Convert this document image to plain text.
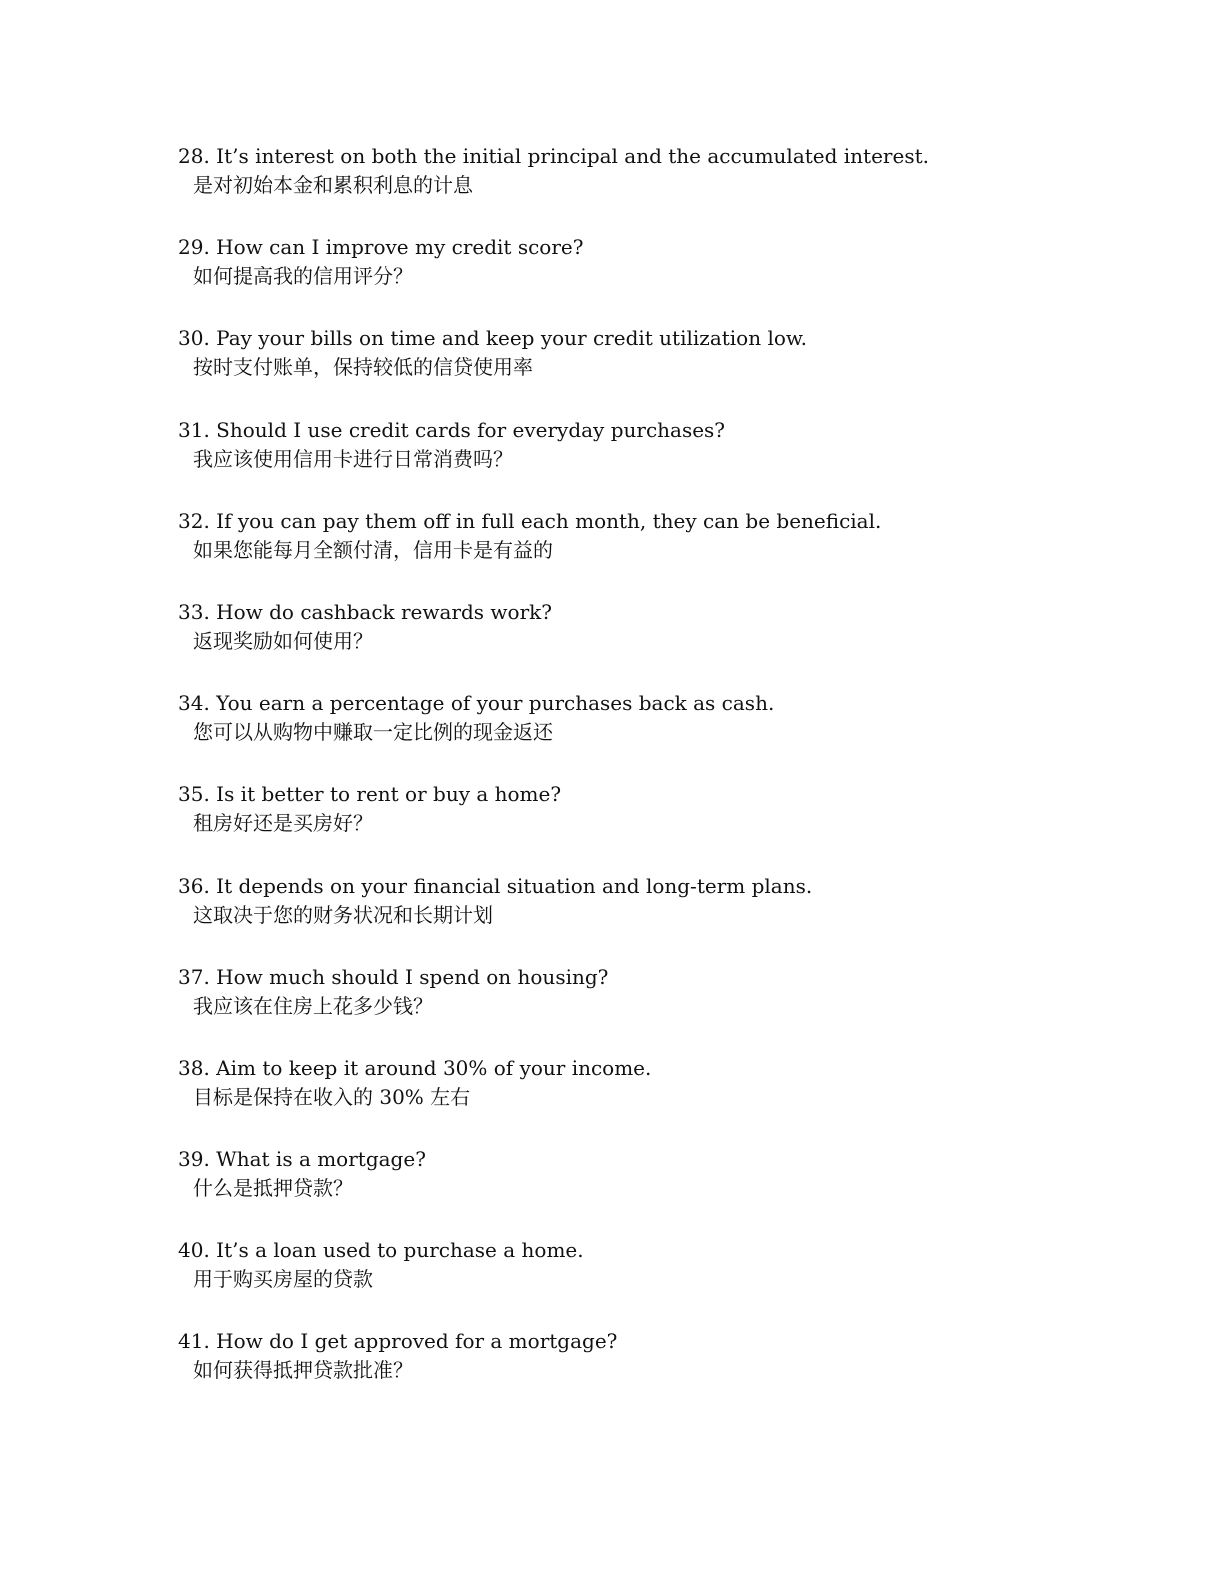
28. It’s interest on both the initial principal and the accumulated interest.
是对初始本金和累积利息的计息
29. How can I improve my credit score?
如何提高我的信用评分？
30. Pay your bills on time and keep your credit utilization low.
按时支付账单，保持较低的信贷使用率
31. Should I use credit cards for everyday purchases?
我应该使用信用卡进行日常消费吗？
32. If you can pay them off in full each month, they can be beneficial.
如果您能每月全额付清，信用卡是有益的
33. How do cashback rewards work?
返现奖励如何使用？
34. You earn a percentage of your purchases back as cash.
您可以从购物中赚取一定比例的现金返还
35. Is it better to rent or buy a home?
租房好还是买房好？
36. It depends on your financial situation and long-term plans.
这取决于您的财务状况和长期计划
37. How much should I spend on housing?
我应该在住房上花多少钱？
38. Aim to keep it around 30% of your income.
目标是保持在收入的 30% 左右
39. What is a mortgage?
什么是抵押贷款？
40. It’s a loan used to purchase a home.
用于购买房屋的贷款
41. How do I get approved for a mortgage?
如何获得抵押贷款批准？
